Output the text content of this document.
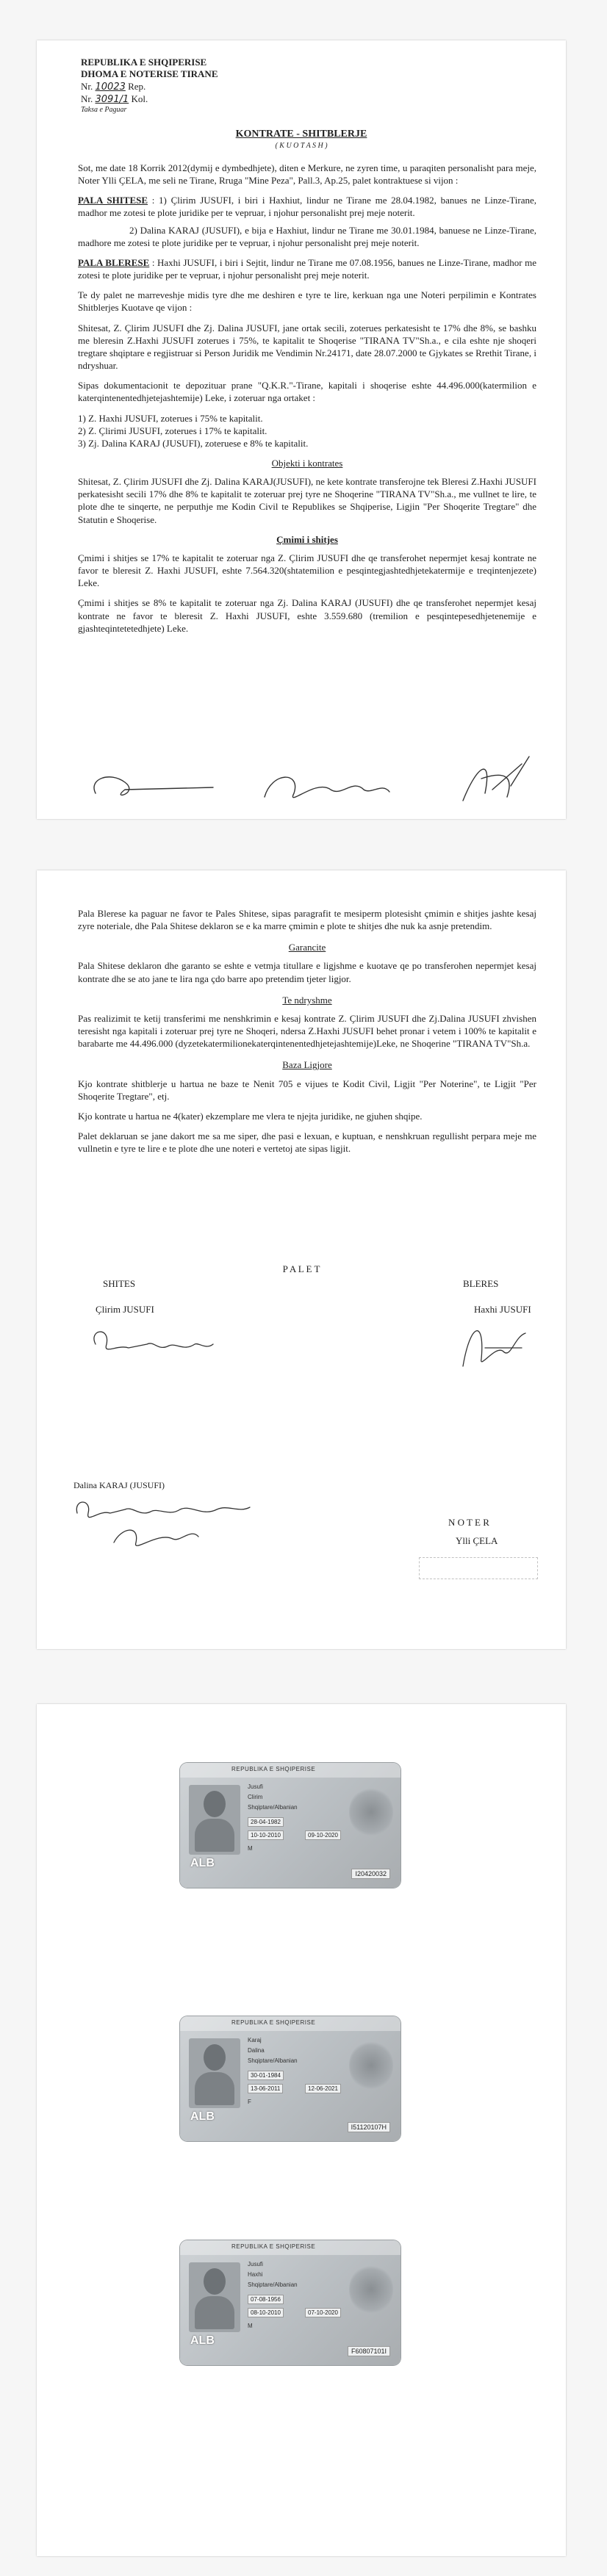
REPUBLIKA E SHQIPERISE
DHOMA E NOTERISE TIRANE
Nr. 10023 Rep.
Nr. 3091/1 Kol.
Taksa e Paguar
KONTRATE - SHITBLERJE
( K U O T A S H )

Sot, me date 18 Korrik 2012(dymij e dymbedhjete), diten e Merkure, ne zyren time, u paraqiten personalisht para meje, Noter Ylli ÇELA, me seli ne Tirane, Rruga "Mine Peza", Pall.3, Ap.25, palet kontraktuese si vijon :

PALA SHITESE : 1) Çlirim JUSUFI, i biri i Haxhiut, lindur ne Tirane me 28.04.1982, banues ne Linze-Tirane, madhor me zotesi te plote juridike per te vepruar, i njohur personalisht prej meje noterit.

2) Dalina KARAJ (JUSUFI), e bija e Haxhiut, lindur ne Tirane me 30.01.1984, banuese ne Linze-Tirane, madhore me zotesi te plote juridike per te vepruar, i njohur personalisht prej meje noterit.

PALA BLERESE : Haxhi JUSUFI, i biri i Sejtit, lindur ne Tirane me 07.08.1956, banues ne Linze-Tirane, madhor me zotesi te plote juridike per te vepruar, i njohur personalisht prej meje noterit.

Te dy palet ne marreveshje midis tyre dhe me deshiren e tyre te lire, kerkuan nga une Noteri perpilimin e Kontrates Shitblerjes Kuotave qe vijon :

Shitesat, Z. Çlirim JUSUFI dhe Zj. Dalina JUSUFI, jane ortak secili, zoterues perkatesisht te 17% dhe 8%, se bashku me bleresin Z.Haxhi JUSUFI zoterues i 75%, te kapitalit te Shoqerise "TIRANA TV"Sh.a., e cila eshte nje shoqeri tregtare shqiptare e regjistruar si Person Juridik me Vendimin Nr.24171, date 28.07.2000 te Gjykates se Rrethit Tirane, i ndryshuar.

Sipas dokumentacionit te depozituar prane "Q.K.R."-Tirane, kapitali i shoqerise eshte 44.496.000(katermilion e katerqintenentedhjetejashtemije) Leke, i zoteruar nga ortaket :

1) Z. Haxhi JUSUFI, zoterues i 75% te kapitalit.
2) Z. Çlirimi JUSUFI, zoterues i 17% te kapitalit.
3) Zj. Dalina KARAJ (JUSUFI), zoteruese e 8% te kapitalit.
Objekti i kontrates

Shitesat, Z. Çlirim JUSUFI dhe Zj. Dalina KARAJ(JUSUFI), ne kete kontrate transferojne tek Bleresi Z.Haxhi JUSUFI perkatesisht secili 17% dhe 8% te kapitalit te zoteruar prej tyre ne Shoqerine "TIRANA TV"Sh.a., me vullnet te lire, te plote dhe te sinqerte, ne perputhje me Kodin Civil te Republikes se Shqiperise, Ligjin "Per Shoqerite Tregtare" dhe Statutin e Shoqerise.

Çmimi i shitjes

Çmimi i shitjes se 17% te kapitalit te zoteruar nga Z. Çlirim JUSUFI dhe qe transferohet nepermjet kesaj kontrate ne favor te bleresit Z. Haxhi JUSUFI, eshte 7.564.320(shtatemilion e pesqintegjashtedhjetekatermije e treqintenjezete) Leke.

Çmimi i shitjes se 8% te kapitalit te zoteruar nga Zj. Dalina KARAJ (JUSUFI) dhe qe transferohet nepermjet kesaj kontrate ne favor te bleresit Z. Haxhi JUSUFI, eshte 3.559.680 (tremilion e pesqintepesedhjetenemije e gjashteqintetetedhjete) Leke.

Pala Blerese ka paguar ne favor te Pales Shitese, sipas paragrafit te mesiperm plotesisht çmimin e shitjes jashte kesaj zyre noteriale, dhe Pala Shitese deklaron se e ka marre çmimin e plote te shitjes dhe nuk ka asnje pretendim.

Garancite

Pala Shitese deklaron dhe garanto se eshte e vetmja titullare e ligjshme e kuotave qe po transferohen nepermjet kesaj kontrate dhe se ato jane te lira nga çdo barre apo pretendim tjeter ligjor.

Te ndryshme

Pas realizimit te ketij transferimi me nenshkrimin e kesaj kontrate Z. Çlirim JUSUFI dhe Zj.Dalina JUSUFI zhvishen teresisht nga kapitali i zoteruar prej tyre ne Shoqeri, ndersa Z.Haxhi JUSUFI behet pronar i vetem i 100% te kapitalit e barabarte me 44.496.000 (dyzetekatermilionekaterqintenentedhjetejashtemije)Leke, ne Shoqerine "TIRANA TV"Sh.a.

Baza Ligjore

Kjo kontrate shitblerje u hartua ne baze te Nenit 705 e vijues te Kodit Civil, Ligjit "Per Noterine", te Ligjit "Per Shoqerite Tregtare", etj.

Kjo kontrate u hartua ne 4(kater) ekzemplare me vlera te njejta juridike, ne gjuhen shqipe.

Palet deklaruan se jane dakort me sa me siper, dhe pasi e lexuan, e kuptuan, e nenshkruan regullisht perpara meje me vullnetin e tyre te lire e te plote dhe une noteri e vertetoj ate sipas ligjit.

P A L E T
SHITES	BLERES
Çlirim JUSUFI	Haxhi JUSUFI
Dalina KARAJ (JUSUFI)
N O T E R
Ylli ÇELA
REPUBLIKA E SHQIPERISE
Jusufi
Clirim
Shqiptare/Albanian
28-04-1982
10-10-2010	09-10-2020
M
ALB
I20420032
REPUBLIKA E SHQIPERISE
Karaj
Dalina
Shqiptare/Albanian
30-01-1984
13-06-2011	12-06-2021
F
ALB
I51120107H
REPUBLIKA E SHQIPERISE
Jusufi
Haxhi
Shqiptare/Albanian
07-08-1956
08-10-2010	07-10-2020
M
ALB
F60807101I
